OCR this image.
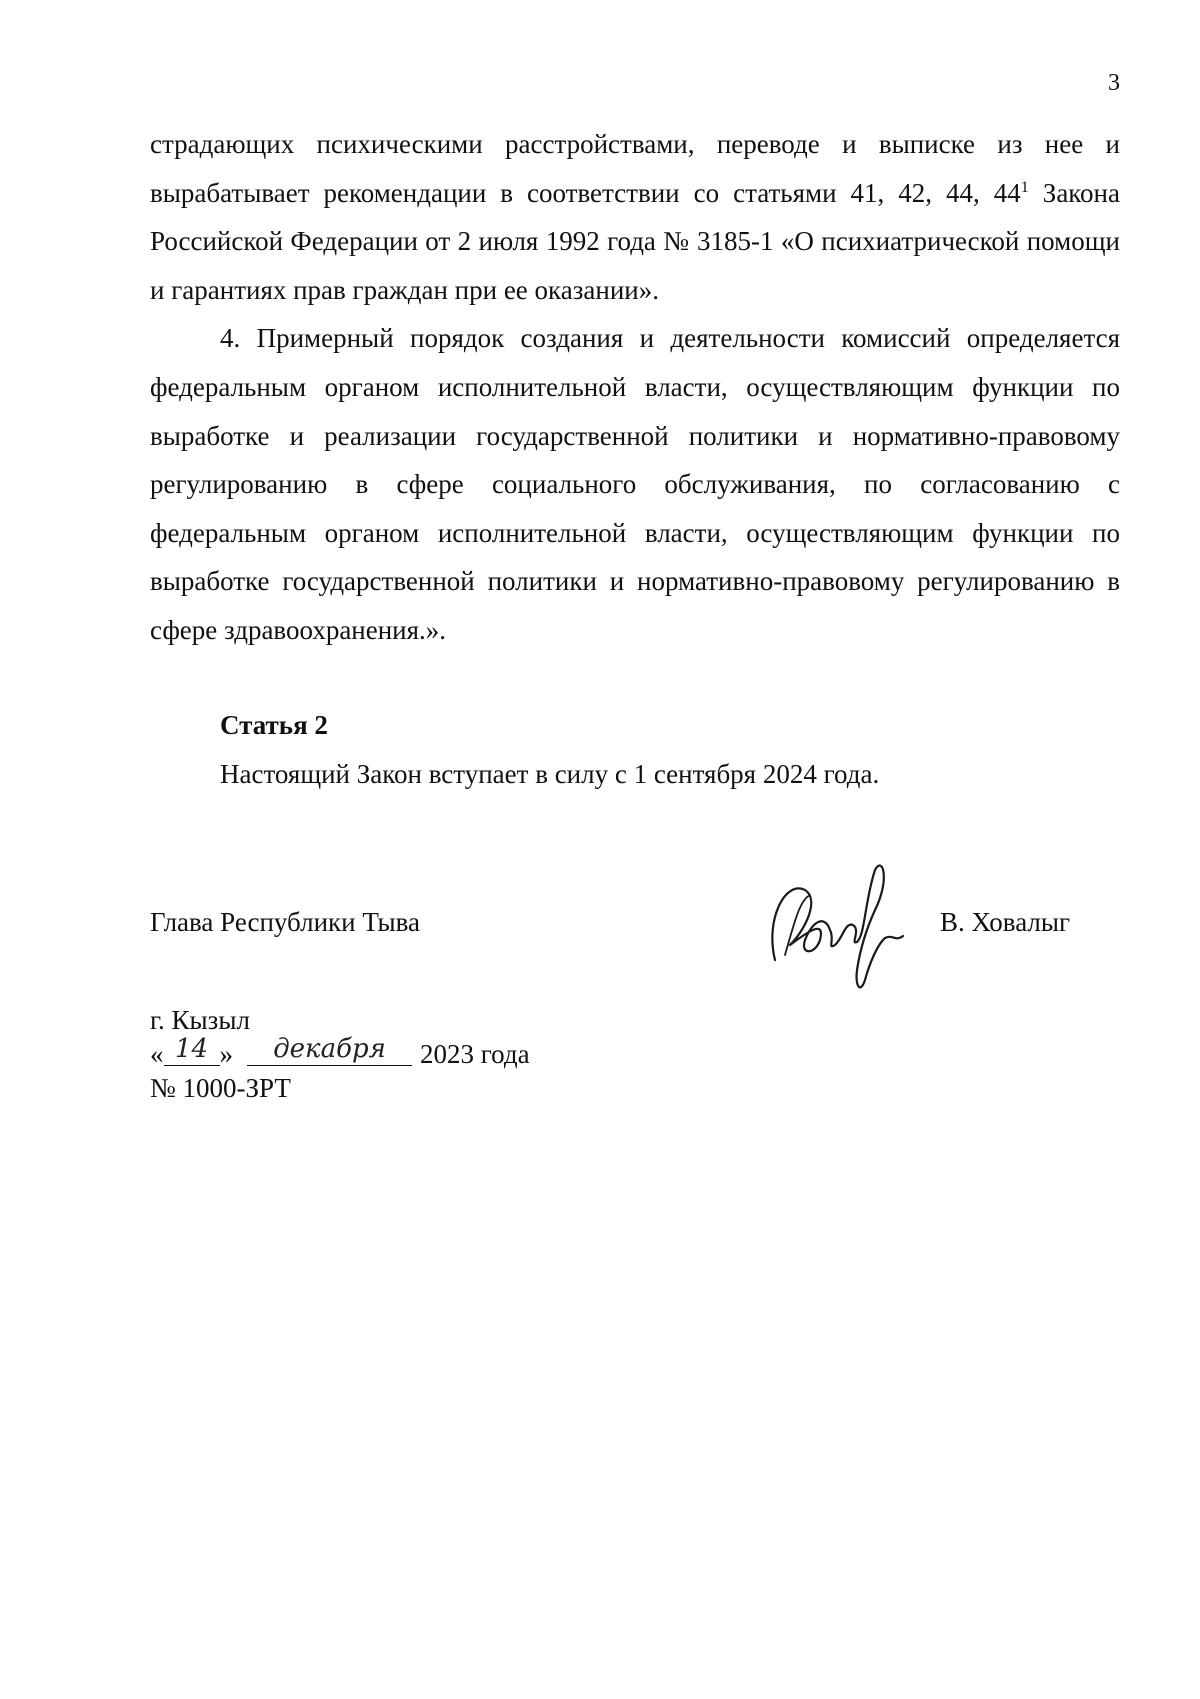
3

страдающих психическими расстройствами, переводе и выписке из нее и вырабатывает рекомендации в соответствии со статьями 41, 42, 44, $44^1$ Закона Российской Федерации от 2 июля 1992 года № 3185-1 «О психиатрической помощи и гарантиях прав граждан при ее оказании».

4. Примерный порядок создания и деятельности комиссий определяется федеральным органом исполнительной власти, осуществляющим функции по выработке и реализации государственной политики и нормативно-правовому регулированию в сфере социального обслуживания, по согласованию с федеральным органом исполнительной власти, осуществляющим функции по выработке государственной политики и нормативно-правовому регулированию в сфере здравоохранения.».

Статья 2
Настоящий Закон вступает в силу с 1 сентября 2024 года.
Глава Республики Тыва	В. Ховалыг
г. Кызыл
« 14 » декабря 2023 года
№ 1000-ЗРТ
